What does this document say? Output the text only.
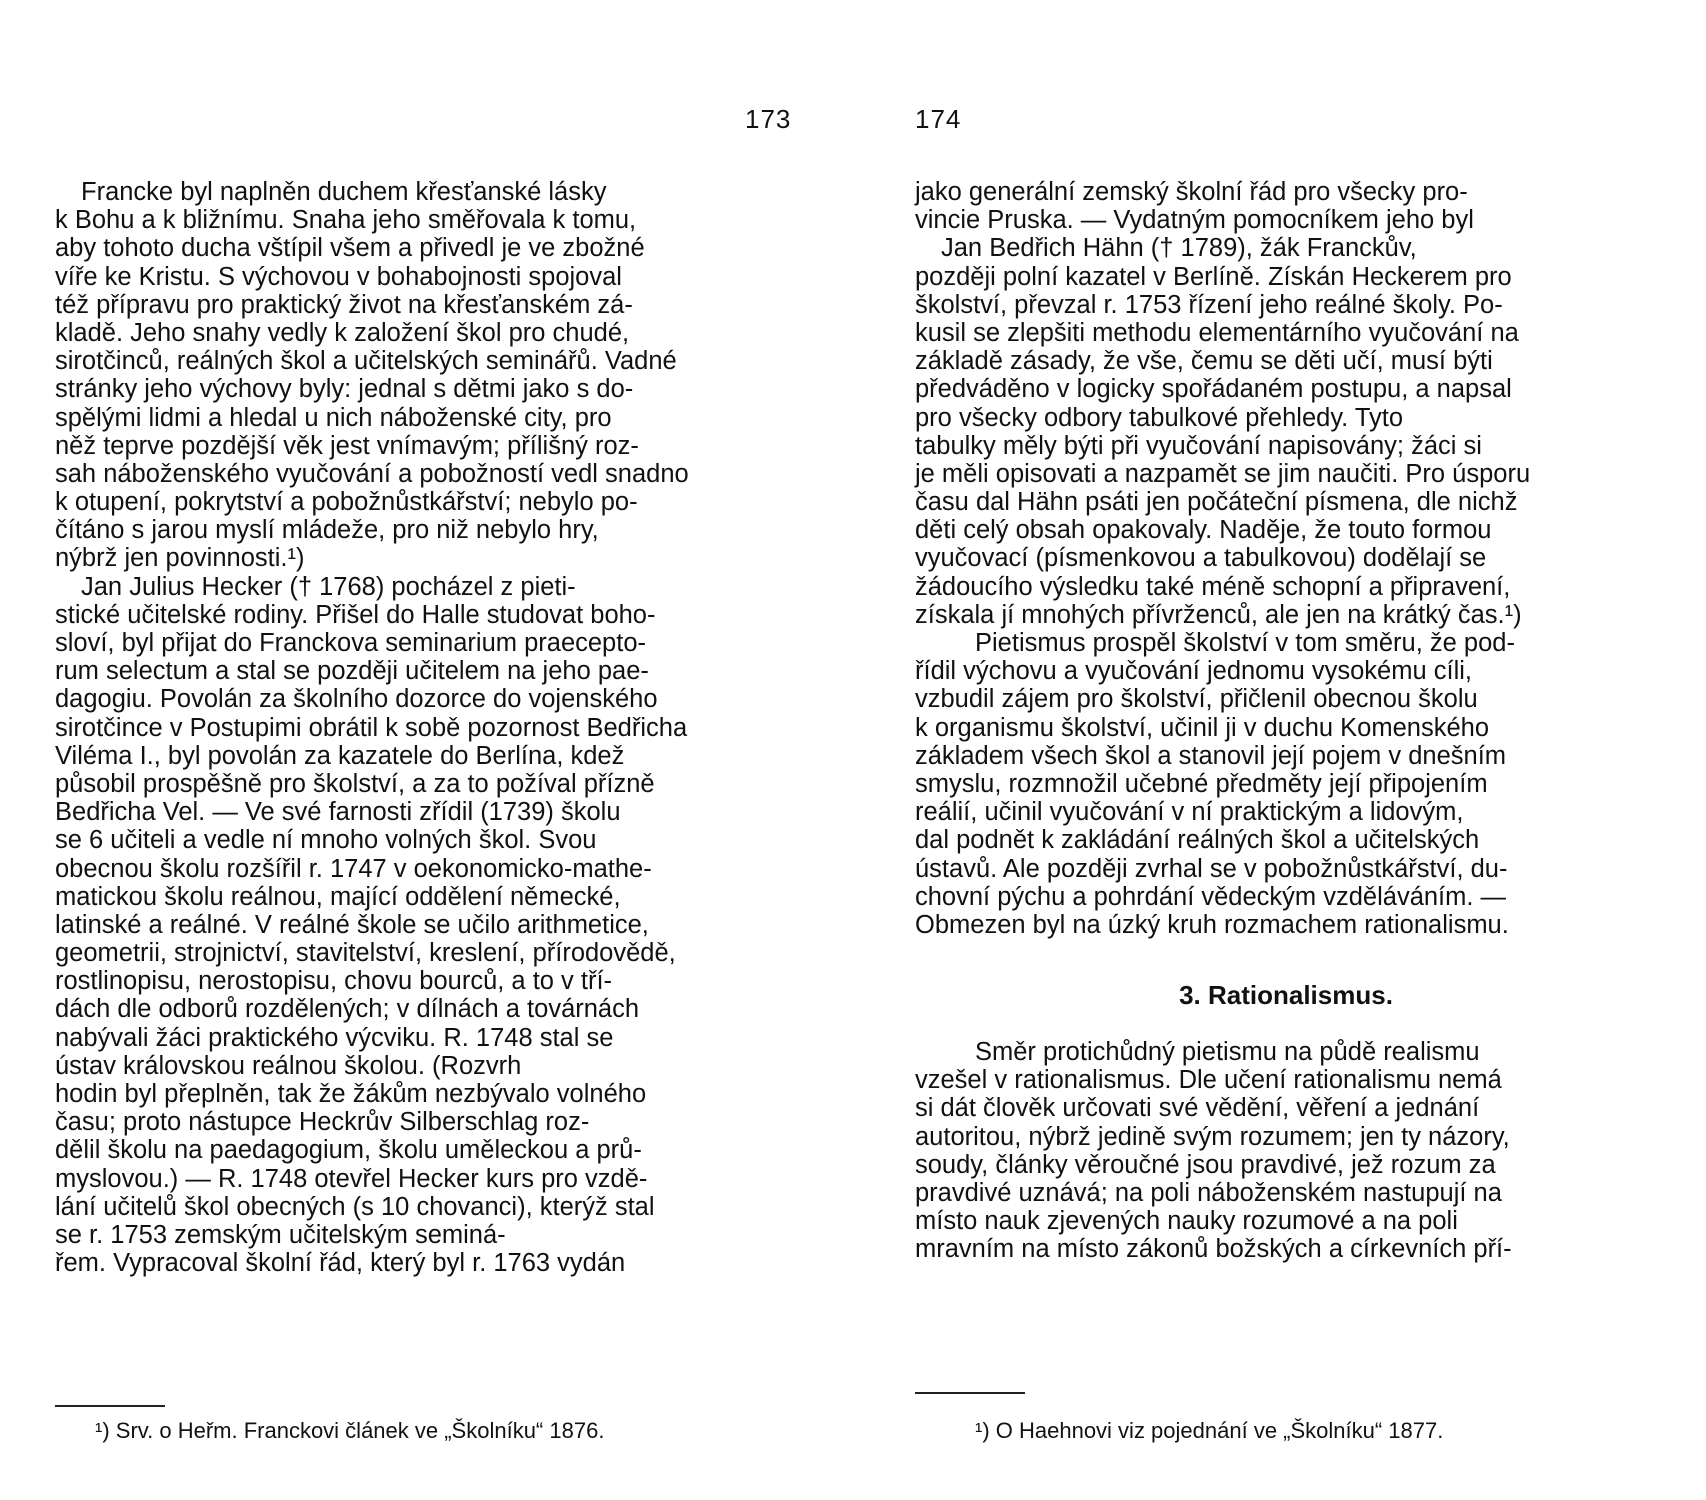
173
Francke byl naplněn duchem křesťanské lásky
k Bohu a k bližnímu. Snaha jeho směřovala k tomu,
aby tohoto ducha vštípil všem a přivedl je ve zbožné
víře ke Kristu. S výchovou v bohabojnosti spojoval
též přípravu pro praktický život na křesťanském zá-
kladě. Jeho snahy vedly k založení škol pro chudé,
sirotčinců, reálných škol a učitelských seminářů. Vadné
stránky jeho výchovy byly: jednal s dětmi jako s do-
spělými lidmi a hledal u nich náboženské city, pro
něž teprve pozdější věk jest vnímavým; přílišný roz-
sah náboženského vyučování a pobožností vedl snadno
k otupení, pokrytství a pobožnůstkářství; nebylo po-
čítáno s jarou myslí mládeže, pro niž nebylo hry,
nýbrž jen povinnosti.¹)
Jan Julius Hecker († 1768) pocházel z pieti-
stické učitelské rodiny. Přišel do Halle studovat boho-
sloví, byl přijat do Franckova seminarium praecepto-
rum selectum a stal se později učitelem na jeho pae-
dagogiu. Povolán za školního dozorce do vojenského
sirotčince v Postupimi obrátil k sobě pozornost Bedřicha
Viléma I., byl povolán za kazatele do Berlína, kdež
působil prospěšně pro školství, a za to požíval přízně
Bedřicha Vel. — Ve své farnosti zřídil (1739) školu
se 6 učiteli a vedle ní mnoho volných škol. Svou
obecnou školu rozšířil r. 1747 v oekonomicko-mathe-
matickou školu reálnou, mající oddělení německé,
latinské a reálné. V reálné škole se učilo arithmetice,
geometrii, strojnictví, stavitelství, kreslení, přírodovědě,
rostlinopisu, nerostopisu, chovu bourců, a to v tří-
dách dle odborů rozdělených; v dílnách a továrnách
nabývali žáci praktického výcviku. R. 1748 stal se
ústav královskou reálnou školou. (Rozvrh
hodin byl přeplněn, tak že žákům nezbývalo volného
času; proto nástupce Heckrův Silberschlag roz-
dělil školu na paedagogium, školu uměleckou a prů-
myslovou.) — R. 1748 otevřel Hecker kurs pro vzdě-
lání učitelů škol obecných (s 10 chovanci), kterýž stal
se r. 1753 zemským učitelským seminá-
řem. Vypracoval školní řád, který byl r. 1763 vydán
¹) Srv. o Heřm. Franckovi článek ve „Školníku“ 1876.
174
jako generální zemský školní řád pro všecky pro-
vincie Pruska. — Vydatným pomocníkem jeho byl
Jan Bedřich Hähn († 1789), žák Franckův,
později polní kazatel v Berlíně. Získán Heckerem pro
školství, převzal r. 1753 řízení jeho reálné školy. Po-
kusil se zlepšiti methodu elementárního vyučování na
základě zásady, že vše, čemu se děti učí, musí býti
předváděno v logicky spořádaném postupu, a napsal
pro všecky odbory tabulkové přehledy. Tyto
tabulky měly býti při vyučování napisovány; žáci si
je měli opisovati a nazpamět se jim naučiti. Pro úsporu
času dal Hähn psáti jen počáteční písmena, dle nichž
děti celý obsah opakovaly. Naděje, že touto formou
vyučovací (písmenkovou a tabulkovou) dodělají se
žádoucího výsledku také méně schopní a připravení,
získala jí mnohých přívrženců, ale jen na krátký čas.¹)
Pietismus prospěl školství v tom směru, že pod-
řídil výchovu a vyučování jednomu vysokému cíli,
vzbudil zájem pro školství, přičlenil obecnou školu
k organismu školství, učinil ji v duchu Komenského
základem všech škol a stanovil její pojem v dnešním
smyslu, rozmnožil učebné předměty její připojením
reálií, učinil vyučování v ní praktickým a lidovým,
dal podnět k zakládání reálných škol a učitelských
ústavů. Ale později zvrhal se v pobožnůstkářství, du-
chovní pýchu a pohrdání vědeckým vzděláváním. —
Obmezen byl na úzký kruh rozmachem rationalismu.
3. Rationalismus.
Směr protichůdný pietismu na půdě realismu
vzešel v rationalismus. Dle učení rationalismu nemá
si dát člověk určovati své vědění, věření a jednání
autoritou, nýbrž jedině svým rozumem; jen ty názory,
soudy, články věroučné jsou pravdivé, jež rozum za
pravdivé uznává; na poli náboženském nastupují na
místo nauk zjevených nauky rozumové a na poli
mravním na místo zákonů božských a církevních pří-
¹) O Haehnovi viz pojednání ve „Školníku“ 1877.
